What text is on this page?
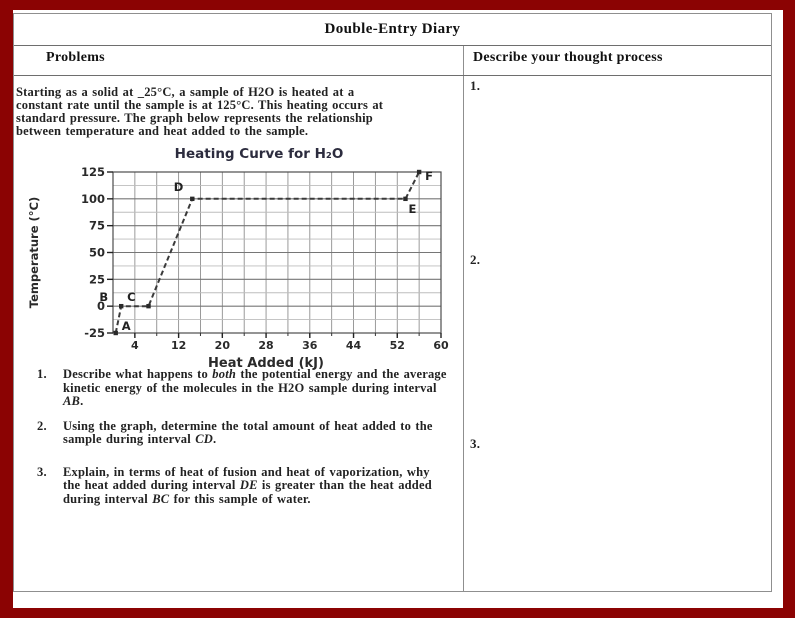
Double-Entry Diary
Problems	Describe your thought process
Starting as a solid at _25°C, a sample of H2O is heated at a
constant rate until the sample is at 125°C. This heating occurs at
standard pressure. The graph below represents the relationship
between temperature and heat added to the sample.
4	12	20	28	36	44	52	60
125
100
75
50
25
0
-25
Heating Curve for H₂O
Heat Added (kJ)
Temperature (°C)
A
B C
D
E
F
1.	Describe what happens to both the potential energy and the average kinetic energy of the molecules in the H2O sample during interval AB.
2.	Using the graph, determine the total amount of heat added to the sample during interval CD.
3.	Explain, in terms of heat of fusion and heat of vaporization, why the heat added during interval DE is greater than the heat added during interval BC for this sample of water.
1.
2.
3.
